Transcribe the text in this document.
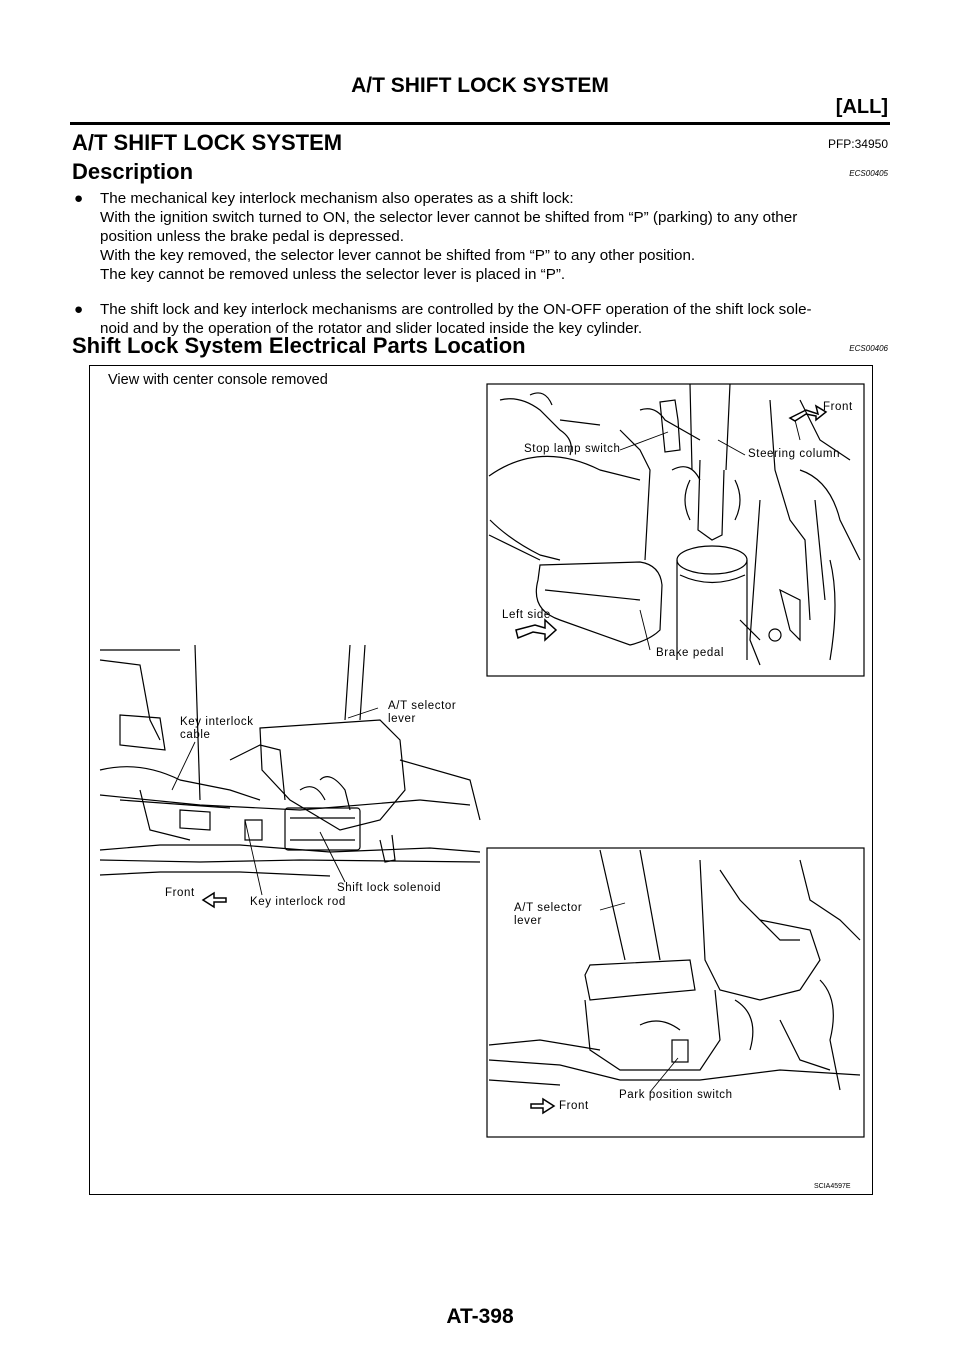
A/T SHIFT LOCK SYSTEM
[ALL]
A/T SHIFT LOCK SYSTEM	PFP:34950
Description	ECS00405
● The mechanical key interlock mechanism also operates as a shift lock:
With the ignition switch turned to ON, the selector lever cannot be shifted from “P” (parking) to any other
position unless the brake pedal is depressed.
With the key removed, the selector lever cannot be shifted from “P” to any other position.
The key cannot be removed unless the selector lever is placed in “P”.
● The shift lock and key interlock mechanisms are controlled by the ON-OFF operation of the shift lock sole-
noid and by the operation of the rotator and slider located inside the key cylinder.
Shift Lock System Electrical Parts Location	ECS00406
View with center console removed
Stop lamp switch	Steering column
Front
Left side
Brake pedal
Key interlock
cable
A/T selector
lever
Front
Key interlock rod
Shift lock solenoid
A/T selector
lever
Front
Park position switch
SCIA4597E
AT-398
